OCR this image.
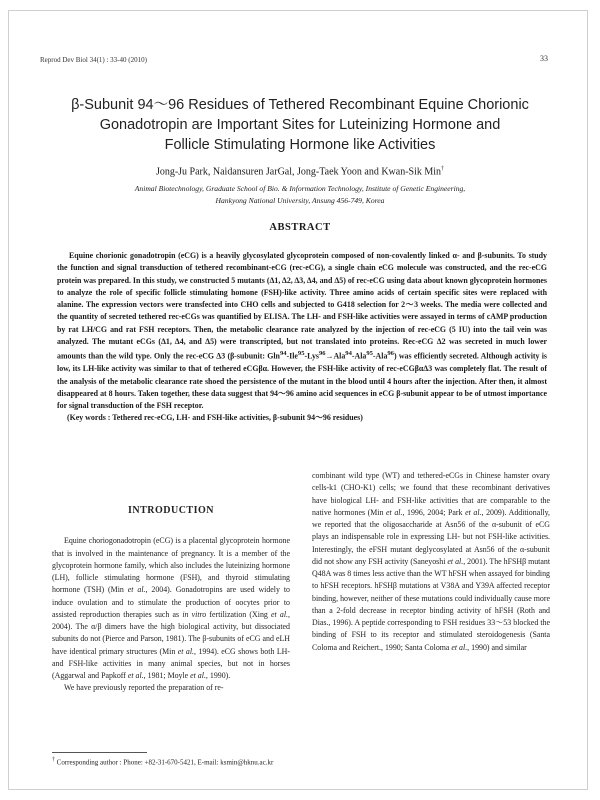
Reprod Dev Biol 34(1) : 33-40 (2010)	33
β-Subunit 94～96 Residues of Tethered Recombinant Equine Chorionic
Gonadotropin are Important Sites for Luteinizing Hormone and
Follicle Stimulating Hormone like Activities
Jong-Ju Park, Naidansuren JarGal, Jong-Taek Yoon and Kwan-Sik Min†
Animal Biotechnology, Graduate School of Bio. & Information Technology, Institute of Genetic Engineering,
Hankyong National University, Ansung 456-749, Korea
ABSTRACT

Equine chorionic gonadotropin (eCG) is a heavily glycosylated glycoprotein composed of non-covalently linked α- and β-subunits. To study the function and signal transduction of tethered recombinant-eCG (rec-eCG), a single chain eCG molecule was constructed, and the rec-eCG protein was prepared. In this study, we constructed 5 mutants (Δ1, Δ2, Δ3, Δ4, and Δ5) of rec-eCG using data about known glycoprotein hormones to analyze the role of specific follicle stimulating homone (FSH)-like activity. Three amino acids of certain specific sites were replaced with alanine. The expression vectors were transfected into CHO cells and subjected to G418 selection for 2～3 weeks. The media were collected and the quantity of secreted tethered rec-eCGs was quantified by ELISA. The LH- and FSH-like activities were assayed in terms of cAMP production by rat LH/CG and rat FSH receptors. Then, the metabolic clearance rate analyzed by the injection of rec-eCG (5 IU) into the tail vein was analyzed. The mutant eCGs (Δ1, Δ4, and Δ5) were transcripted, but not translated into proteins. Rec-eCG Δ2 was secreted in much lower amounts than the wild type. Only the rec-eCG Δ3 (β-subunit: Gln$^{94}$-Ile$^{95}$-Lys$^{96}$→Ala$^{94}$-Ala$^{95}$-Ala$^{96}$) was efficiently secreted. Although activity is low, its LH-like activity was similar to that of tethered eCGβα. However, the FSH-like activity of rec-eCGβαΔ3 was completely flat. The result of the analysis of the metabolic clearance rate shoed the persistence of the mutant in the blood until 4 hours after the injection. After then, it almost disappeared at 8 hours. Taken together, these data suggest that 94～96 amino acid sequences in eCG β-subunit appear to be of utmost importance for signal transduction of the FSH receptor.

(Key words : Tethered rec-eCG, LH- and FSH-like activities, β-subunit 94～96 residues)
INTRODUCTION

Equine choriogonadotropin (eCG) is a placental glycoprotein hormone that is involved in the maintenance of pregnancy. It is a member of the glycoprotein hormone family, which also includes the luteinizing hormone (LH), follicle stimulating hormone (FSH), and thyroid stimulating hormone (TSH) (Min et al., 2004). Gonadotropins are used widely to induce ovulation and to stimulate the production of oocytes prior to assisted reproduction therapies such as in vitro fertilization (Xing et al., 2004). The α/β dimers have the high biological activity, but dissociated subunits do not (Pierce and Parson, 1981). The β-subunits of eCG and eLH have identical primary structures (Min et al., 1994). eCG shows both LH- and FSH-like activities in many animal species, but not in horses (Aggarwal and Papkoff et al., 1981; Moyle et al., 1990).

We have previously reported the preparation of re-

combinant wild type (WT) and tethered-eCGs in Chinese hamster ovary cells-k1 (CHO-K1) cells; we found that these recombinant derivatives have biological LH- and FSH-like activities that are comparable to the native hormones (Min et al., 1996, 2004; Park et al., 2009). Additionally, we reported that the oligosaccharide at Asn56 of the α-subunit of eCG plays an indispensable role in expressing LH- but not FSH-like activities. Interestingly, the eFSH mutant deglycosylated at Asn56 of the α-subunit did not show any FSH activity (Saneyoshi et al., 2001). The hFSHβ mutant Q48A was 8 times less active than the WT hFSH when assayed for binding to hFSH receptors. hFSHβ mutations at V38A and Y39A affected receptor binding, however, neither of these mutations could individually cause more than a 2-fold decrease in receptor binding activity of hFSH (Roth and Dias., 1996). A peptide corresponding to FSH residues 33～53 blocked the binding of FSH to its receptor and stimulated steroidogenesis (Santa Coloma and Reichert., 1990; Santa Coloma et al., 1990) and similar

† Corresponding author : Phone: +82-31-670-5421, E-mail: ksmin@hknu.ac.kr
